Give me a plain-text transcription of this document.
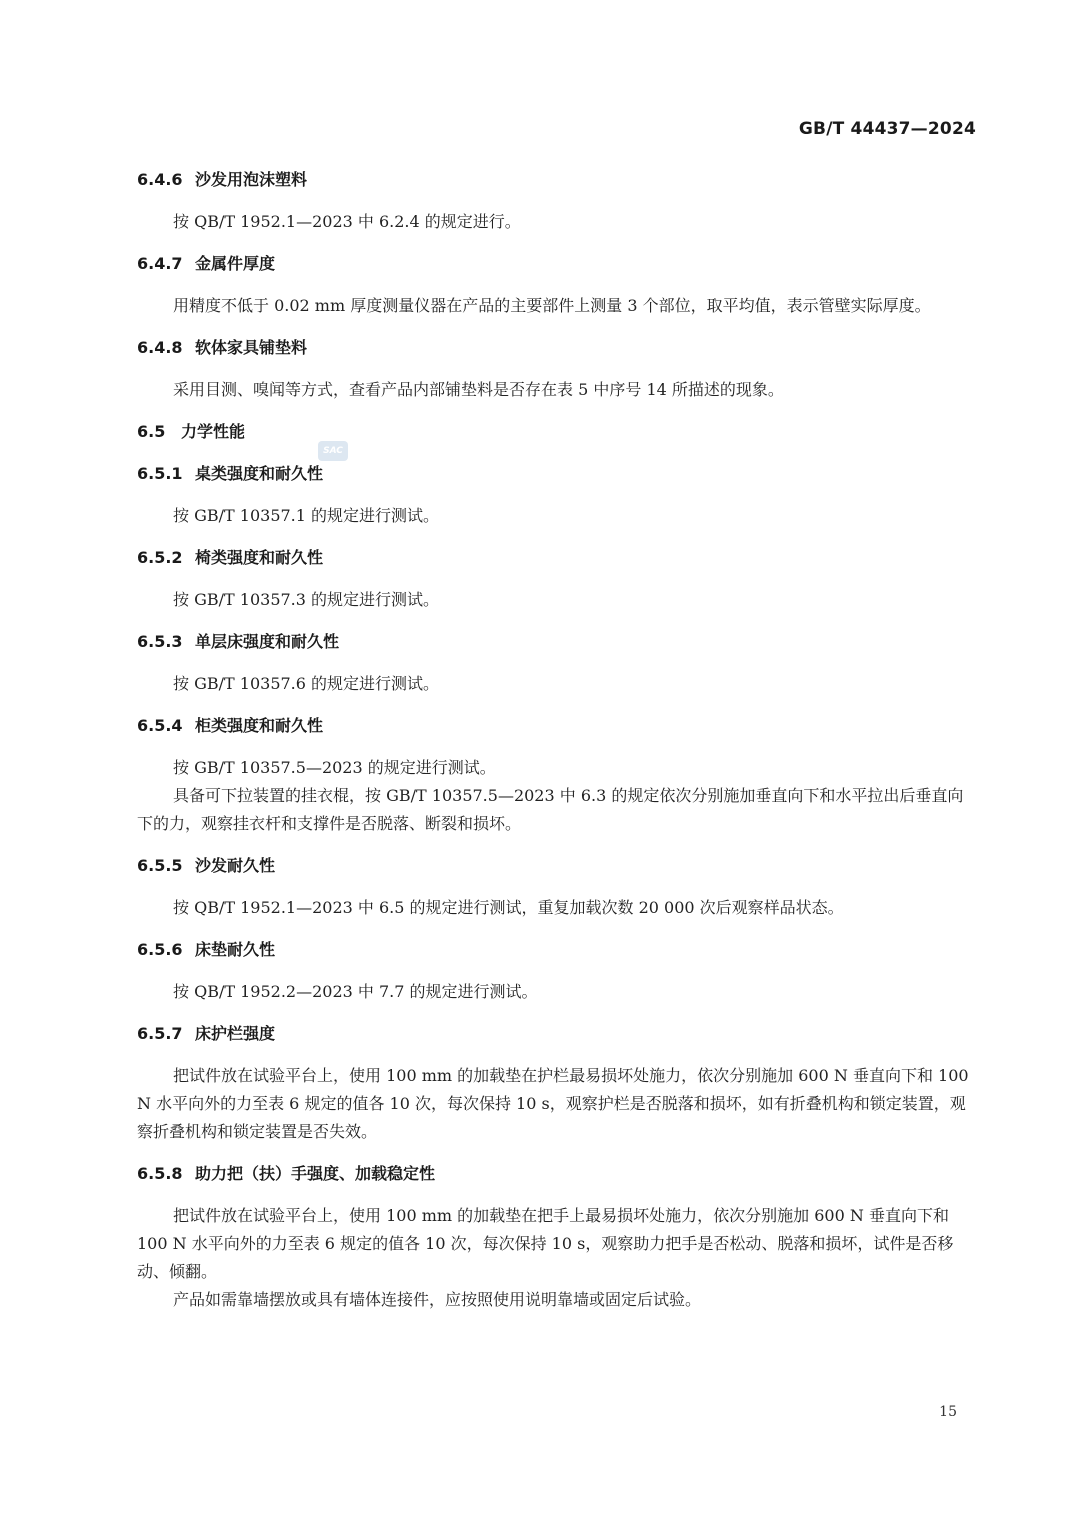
GB/T 44437—2024
SAC
6.4.6 沙发用泡沫塑料

按 QB/T 1952.1—2023 中 6.2.4 的规定进行。

6.4.7 金属件厚度

用精度不低于 0.02 mm 厚度测量仪器在产品的主要部件上测量 3 个部位，取平均值，表示管壁实际厚度。

6.4.8 软体家具铺垫料

采用目测、嗅闻等方式，查看产品内部铺垫料是否存在表 5 中序号 14 所描述的现象。

6.5 力学性能
6.5.1 桌类强度和耐久性

按 GB/T 10357.1 的规定进行测试。

6.5.2 椅类强度和耐久性

按 GB/T 10357.3 的规定进行测试。

6.5.3 单层床强度和耐久性

按 GB/T 10357.6 的规定进行测试。

6.5.4 柜类强度和耐久性

按 GB/T 10357.5—2023 的规定进行测试。

具备可下拉装置的挂衣棍，按 GB/T 10357.5—2023 中 6.3 的规定依次分别施加垂直向下和水平拉出后垂直向下的力，观察挂衣杆和支撑件是否脱落、断裂和损坏。

6.5.5 沙发耐久性

按 QB/T 1952.1—2023 中 6.5 的规定进行测试，重复加载次数 20 000 次后观察样品状态。

6.5.6 床垫耐久性

按 QB/T 1952.2—2023 中 7.7 的规定进行测试。

6.5.7 床护栏强度

把试件放在试验平台上，使用 100 mm 的加载垫在护栏最易损坏处施力，依次分别施加 600 N 垂直向下和 100 N 水平向外的力至表 6 规定的值各 10 次，每次保持 10 s，观察护栏是否脱落和损坏，如有折叠机构和锁定装置，观察折叠机构和锁定装置是否失效。

6.5.8 助力把（扶）手强度、加载稳定性

把试件放在试验平台上，使用 100 mm 的加载垫在把手上最易损坏处施力，依次分别施加 600 N 垂直向下和 100 N 水平向外的力至表 6 规定的值各 10 次，每次保持 10 s，观察助力把手是否松动、脱落和损坏，试件是否移动、倾翻。

产品如需靠墙摆放或具有墙体连接件，应按照使用说明靠墙或固定后试验。

15
